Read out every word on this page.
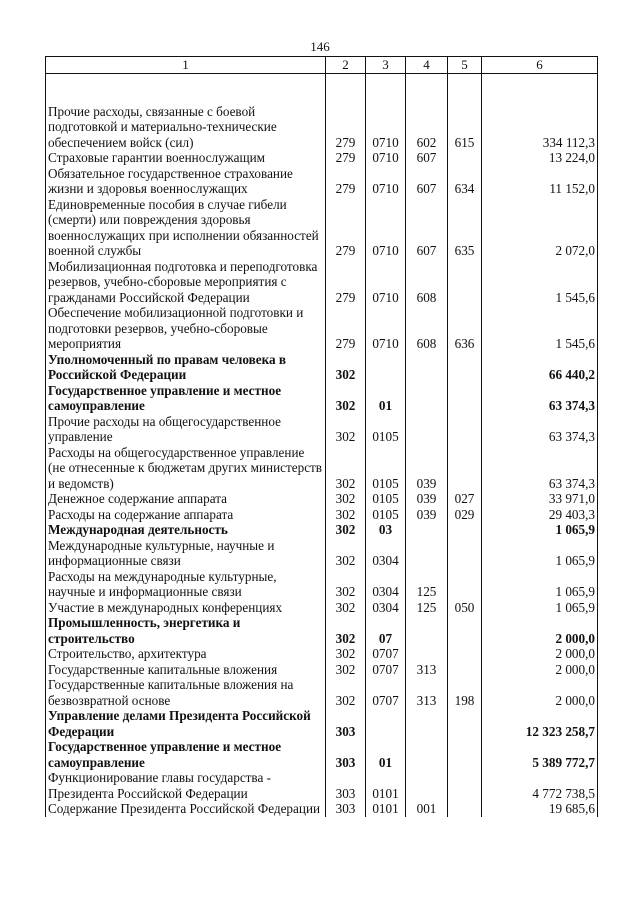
146
1	2	3	4	5	6

Прочие расходы, связанные с боевой подготовкой и материально-технические обеспечением войск (сил)	279	0710	602	615	334 112,3
Страховые гарантии военнослужащим	279	0710	607		13 224,0
Обязательное государственное страхование жизни и здоровья военнослужащих	279	0710	607	634	11 152,0
Единовременные пособия в случае гибели (смерти) или повреждения здоровья военнослужащих при исполнении обязанностей военной службы	279	0710	607	635	2 072,0
Мобилизационная подготовка и переподготовка резервов, учебно-сборовые мероприятия с гражданами Российской Федерации	279	0710	608		1 545,6
Обеспечение мобилизационной подготовки и подготовки резервов, учебно-сборовые мероприятия	279	0710	608	636	1 545,6
Уполномоченный по правам человека в Российской Федерации	302				66 440,2
Государственное управление и местное самоуправление	302	01			63 374,3
Прочие расходы на общегосударственное управление	302	0105			63 374,3
Расходы на общегосударственное управление (не отнесенные к бюджетам других министерств и ведомств)	302	0105	039		63 374,3
Денежное содержание аппарата	302	0105	039	027	33 971,0
Расходы на содержание аппарата	302	0105	039	029	29 403,3
Международная деятельность	302	03			1 065,9
Международные культурные, научные и информационные связи	302	0304			1 065,9
Расходы на международные культурные, научные и информационные связи	302	0304	125		1 065,9
Участие в международных конференциях	302	0304	125	050	1 065,9
Промышленность, энергетика и строительство	302	07			2 000,0
Строительство, архитектура	302	0707			2 000,0
Государственные капитальные вложения	302	0707	313		2 000,0
Государственные капитальные вложения на безвозвратной основе	302	0707	313	198	2 000,0
Управление делами Президента Российской Федерации	303				12 323 258,7
Государственное управление и местное самоуправление	303	01			5 389 772,7
Функционирование главы государства - Президента Российской Федерации	303	0101			4 772 738,5
Содержание Президента Российской Федерации	303	0101	001		19 685,6
